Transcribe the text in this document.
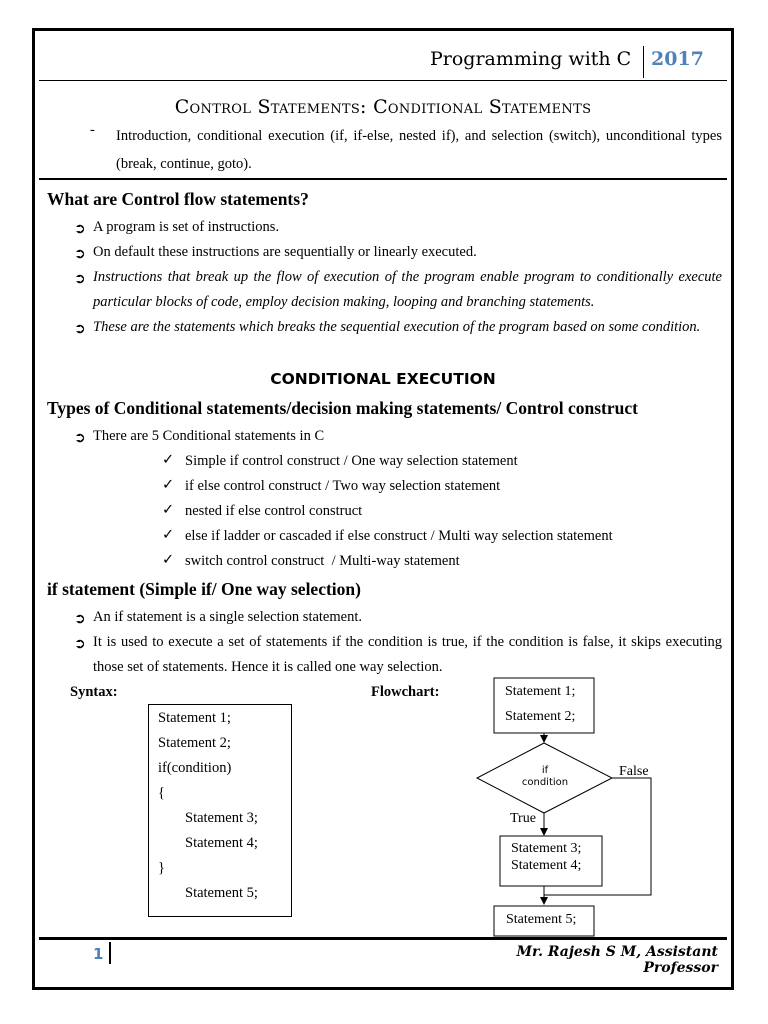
Programming with C 2017
Control Statements: Conditional Statements
- Introduction, conditional execution (if, if-else, nested if), and selection (switch), unconditional types (break, continue, goto).
What are Control flow statements?
➲ A program is set of instructions.
➲ On default these instructions are sequentially or linearly executed.
➲ Instructions that break up the flow of execution of the program enable program to conditionally execute particular blocks of code, employ decision making, looping and branching statements.
➲ These are the statements which breaks the sequential execution of the program based on some condition.
CONDITIONAL EXECUTION
Types of Conditional statements/decision making statements/ Control construct
➲ There are 5 Conditional statements in C
✓ Simple if control construct / One way selection statement
✓ if else control construct / Two way selection statement
✓ nested if else control construct
✓ else if ladder or cascaded if else construct / Multi way selection statement
✓ switch control construct  / Multi-way statement
if statement (Simple if/ One way selection)
➲ An if statement is a single selection statement.
➲ It is used to execute a set of statements if the condition is true, if the condition is false, it skips executing those set of statements. Hence it is called one way selection.
Syntax:
Statement 1;
Statement 2;
if(condition)
{
Statement 3;
Statement 4;
}
Statement 5;
Flowchart:	Statement 1;
Statement 2;
if
condition
False
True
Statement 3;
Statement 4;
Statement 5;
1	Mr. Rajesh S M, Assistant Professor
